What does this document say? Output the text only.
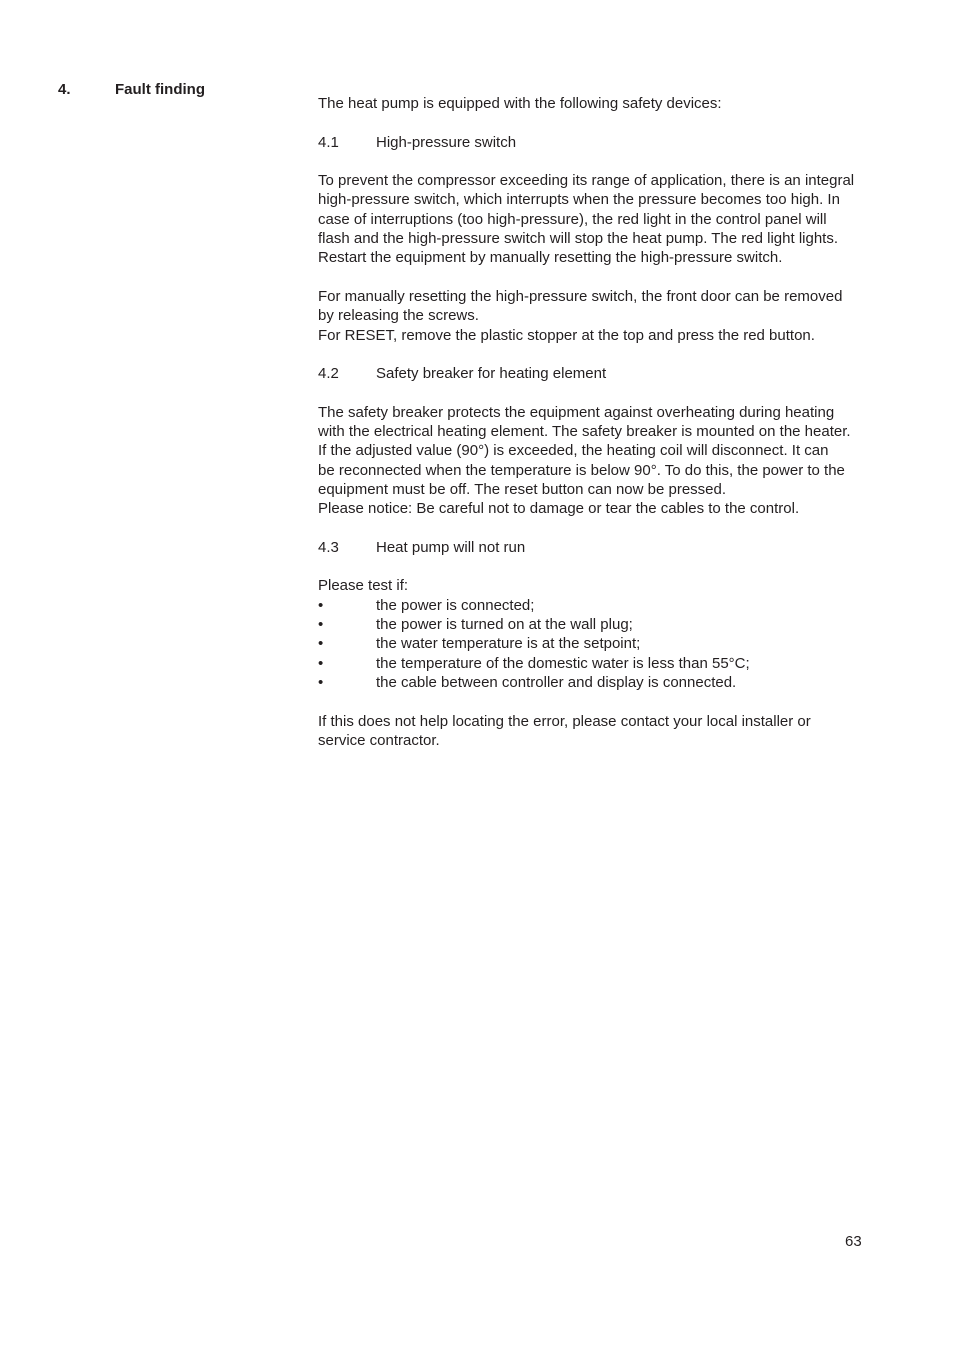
4.	Fault finding

The heat pump is equipped with the following safety devices:

4.1	High-pressure switch

To prevent the compressor exceeding its range of application, there is an integral

high-pressure switch, which interrupts when the pressure becomes too high. In

case of interruptions (too high-pressure), the red light in the control panel will

flash and the high-pressure switch will stop the heat pump. The red light lights.

Restart the equipment by manually resetting the high-pressure switch.

For manually resetting the high-pressure switch, the front door can be removed

by releasing the screws.

For RESET, remove the plastic stopper at the top and press the red button.

4.2	Safety breaker for heating element

The safety breaker protects the equipment against overheating during heating

with the electrical heating element. The safety breaker is mounted on the heater.

If the adjusted value (90°) is exceeded, the heating coil will disconnect. It can

be reconnected when the temperature is below 90°. To do this, the power to the

equipment must be off. The reset button can now be pressed.

Please notice: Be careful not to damage or tear the cables to the control.

4.3	Heat pump will not run

Please test if:

•	the power is connected;
•	the power is turned on at the wall plug;
•	the water temperature is at the setpoint;
•	the temperature of the domestic water is less than 55°C;
•	the cable between controller and display is connected.

If this does not help locating the error, please contact your local installer or

service contractor.

63
